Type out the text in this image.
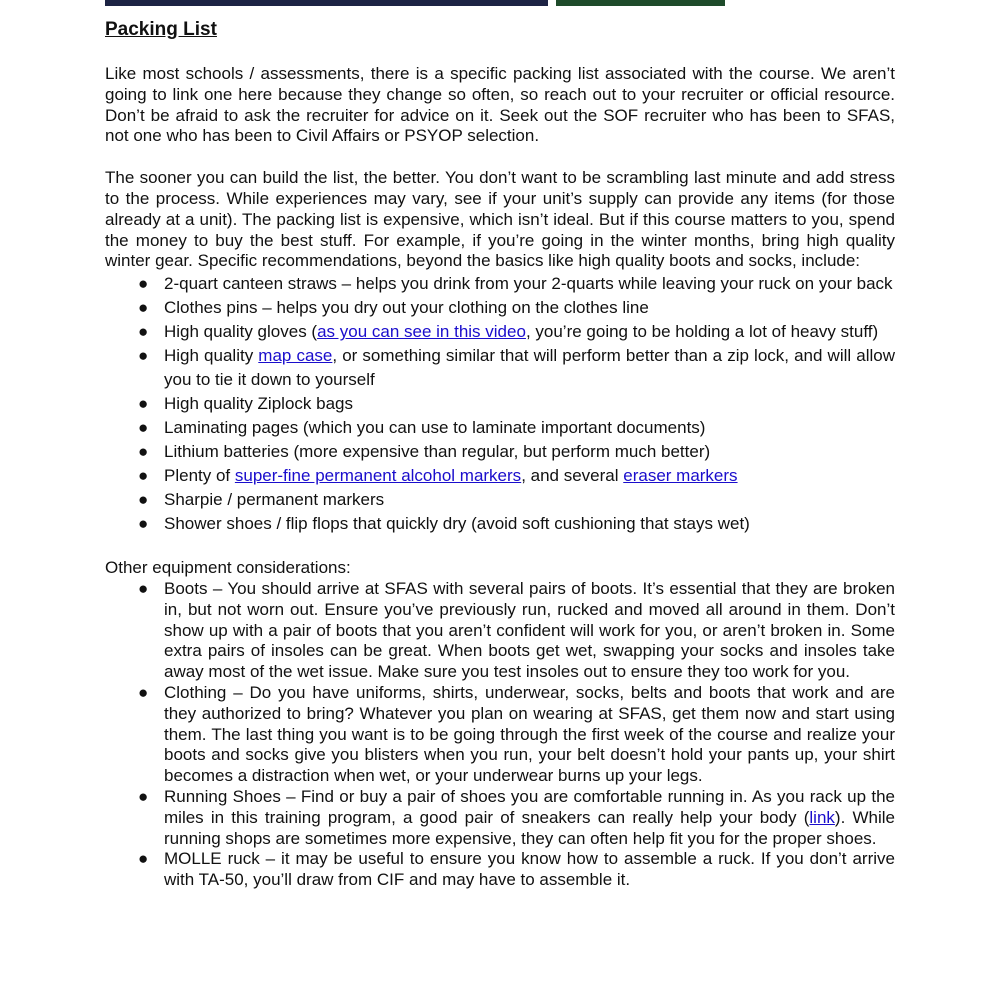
Packing List

Like most schools / assessments, there is a specific packing list associated with the course. We aren’t going to link one here because they change so often, so reach out to your recruiter or official resource. Don’t be afraid to ask the recruiter for advice on it. Seek out the SOF recruiter who has been to SFAS, not one who has been to Civil Affairs or PSYOP selection.

The sooner you can build the list, the better. You don’t want to be scrambling last minute and add stress to the process. While experiences may vary, see if your unit’s supply can provide any items (for those already at a unit). The packing list is expensive, which isn’t ideal. But if this course matters to you, spend the money to buy the best stuff. For example, if you’re going in the winter months, bring high quality winter gear. Specific recommendations, beyond the basics like high quality boots and socks, include:

● 2-quart canteen straws – helps you drink from your 2-quarts while leaving your ruck on your back
● Clothes pins – helps you dry out your clothing on the clothes line
● High quality gloves (as you can see in this video, you’re going to be holding a lot of heavy stuff)
● High quality map case, or something similar that will perform better than a zip lock, and will allow you to tie it down to yourself
● High quality Ziplock bags
● Laminating pages (which you can use to laminate important documents)
● Lithium batteries (more expensive than regular, but perform much better)
● Plenty of super-fine permanent alcohol markers, and several eraser markers
● Sharpie / permanent markers
● Shower shoes / flip flops that quickly dry (avoid soft cushioning that stays wet)

Other equipment considerations:

● Boots – You should arrive at SFAS with several pairs of boots. It’s essential that they are broken in, but not worn out. Ensure you’ve previously run, rucked and moved all around in them. Don’t show up with a pair of boots that you aren’t confident will work for you, or aren’t broken in. Some extra pairs of insoles can be great. When boots get wet, swapping your socks and insoles take away most of the wet issue. Make sure you test insoles out to ensure they too work for you.
● Clothing – Do you have uniforms, shirts, underwear, socks, belts and boots that work and are they authorized to bring? Whatever you plan on wearing at SFAS, get them now and start using them. The last thing you want is to be going through the first week of the course and realize your boots and socks give you blisters when you run, your belt doesn’t hold your pants up, your shirt becomes a distraction when wet, or your underwear burns up your legs.
● Running Shoes – Find or buy a pair of shoes you are comfortable running in. As you rack up the miles in this training program, a good pair of sneakers can really help your body (link). While running shops are sometimes more expensive, they can often help fit you for the proper shoes.
● MOLLE ruck – it may be useful to ensure you know how to assemble a ruck. If you don’t arrive with TA-50, you’ll draw from CIF and may have to assemble it.
